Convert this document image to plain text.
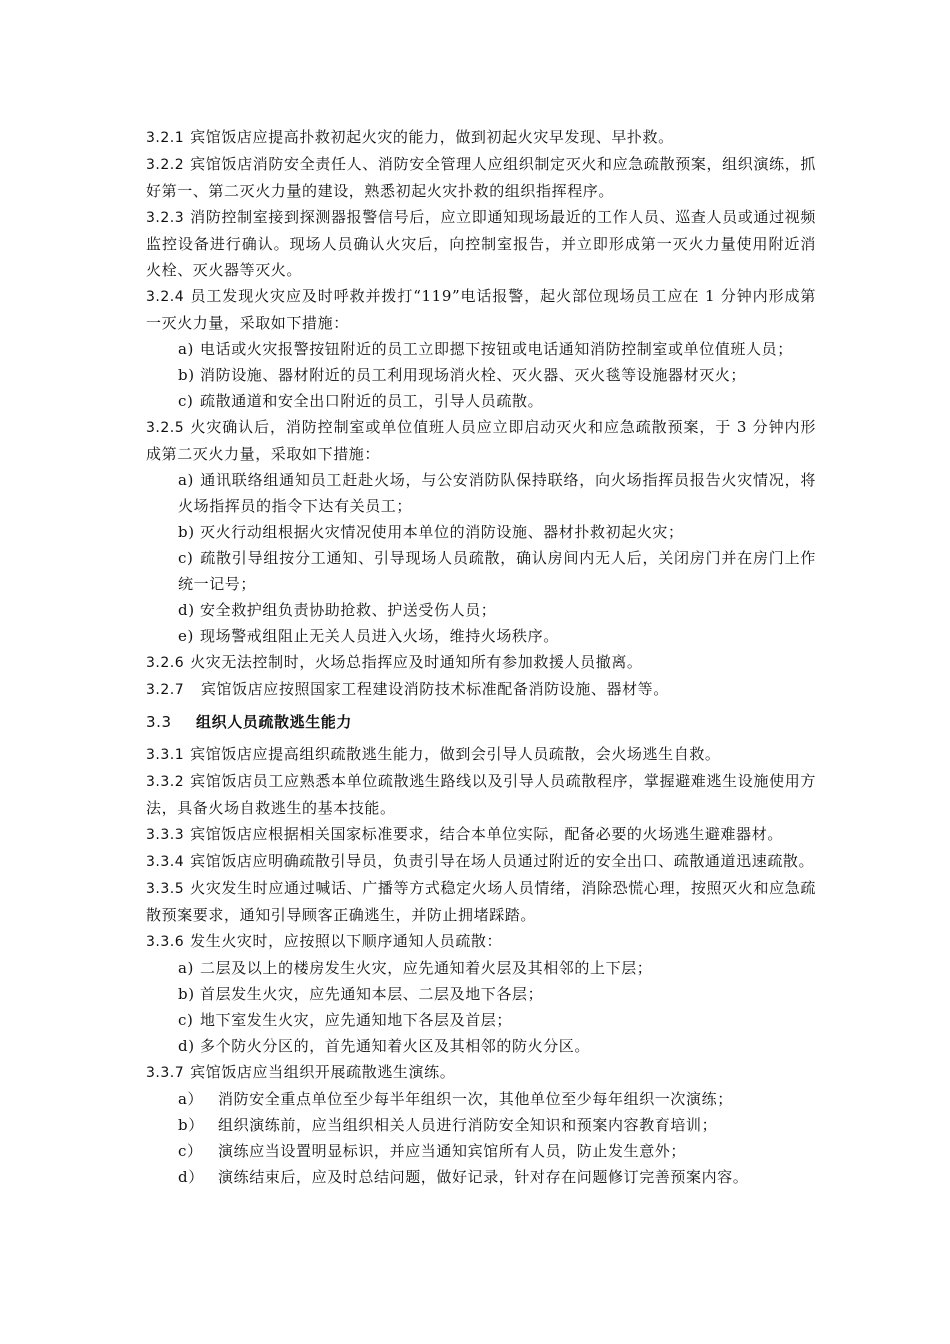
3.2.1 宾馆饭店应提高扑救初起火灾的能力，做到初起火灾早发现、早扑救。

3.2.2 宾馆饭店消防安全责任人、消防安全管理人应组织制定灭火和应急疏散预案，组织演练，抓好第一、第二灭火力量的建设，熟悉初起火灾扑救的组织指挥程序。

3.2.3 消防控制室接到探测器报警信号后，应立即通知现场最近的工作人员、巡查人员或通过视频监控设备进行确认。现场人员确认火灾后，向控制室报告，并立即形成第一灭火力量使用附近消火栓、灭火器等灭火。

3.2.4 员工发现火灾应及时呼救并拨打“119”电话报警，起火部位现场员工应在 1 分钟内形成第一灭火力量，采取如下措施：

a) 电话或火灾报警按钮附近的员工立即摁下按钮或电话通知消防控制室或单位值班人员；

b) 消防设施、器材附近的员工利用现场消火栓、灭火器、灭火毯等设施器材灭火；

c) 疏散通道和安全出口附近的员工，引导人员疏散。

3.2.5 火灾确认后，消防控制室或单位值班人员应立即启动灭火和应急疏散预案，于 3 分钟内形成第二灭火力量，采取如下措施：

a) 通讯联络组通知员工赶赴火场，与公安消防队保持联络，向火场指挥员报告火灾情况，将火场指挥员的指令下达有关员工；

b) 灭火行动组根据火灾情况使用本单位的消防设施、器材扑救初起火灾；

c) 疏散引导组按分工通知、引导现场人员疏散，确认房间内无人后，关闭房门并在房门上作统一记号；

d) 安全救护组负责协助抢救、护送受伤人员；

e) 现场警戒组阻止无关人员进入火场，维持火场秩序。

3.2.6 火灾无法控制时，火场总指挥应及时通知所有参加救援人员撤离。

3.2.7 宾馆饭店应按照国家工程建设消防技术标准配备消防设施、器材等。

3.3 组织人员疏散逃生能力

3.3.1 宾馆饭店应提高组织疏散逃生能力，做到会引导人员疏散，会火场逃生自救。

3.3.2 宾馆饭店员工应熟悉本单位疏散逃生路线以及引导人员疏散程序，掌握避难逃生设施使用方法，具备火场自救逃生的基本技能。

3.3.3 宾馆饭店应根据相关国家标准要求，结合本单位实际，配备必要的火场逃生避难器材。

3.3.4 宾馆饭店应明确疏散引导员，负责引导在场人员通过附近的安全出口、疏散通道迅速疏散。

3.3.5 火灾发生时应通过喊话、广播等方式稳定火场人员情绪，消除恐慌心理，按照灭火和应急疏散预案要求，通知引导顾客正确逃生，并防止拥堵踩踏。

3.3.6 发生火灾时，应按照以下顺序通知人员疏散：

a) 二层及以上的楼房发生火灾，应先通知着火层及其相邻的上下层；

b) 首层发生火灾，应先通知本层、二层及地下各层；

c) 地下室发生火灾，应先通知地下各层及首层；

d) 多个防火分区的，首先通知着火区及其相邻的防火分区。

3.3.7 宾馆饭店应当组织开展疏散逃生演练。

a） 消防安全重点单位至少每半年组织一次，其他单位至少每年组织一次演练；

b） 组织演练前，应当组织相关人员进行消防安全知识和预案内容教育培训；

c） 演练应当设置明显标识，并应当通知宾馆所有人员，防止发生意外；

d） 演练结束后，应及时总结问题，做好记录，针对存在问题修订完善预案内容。
